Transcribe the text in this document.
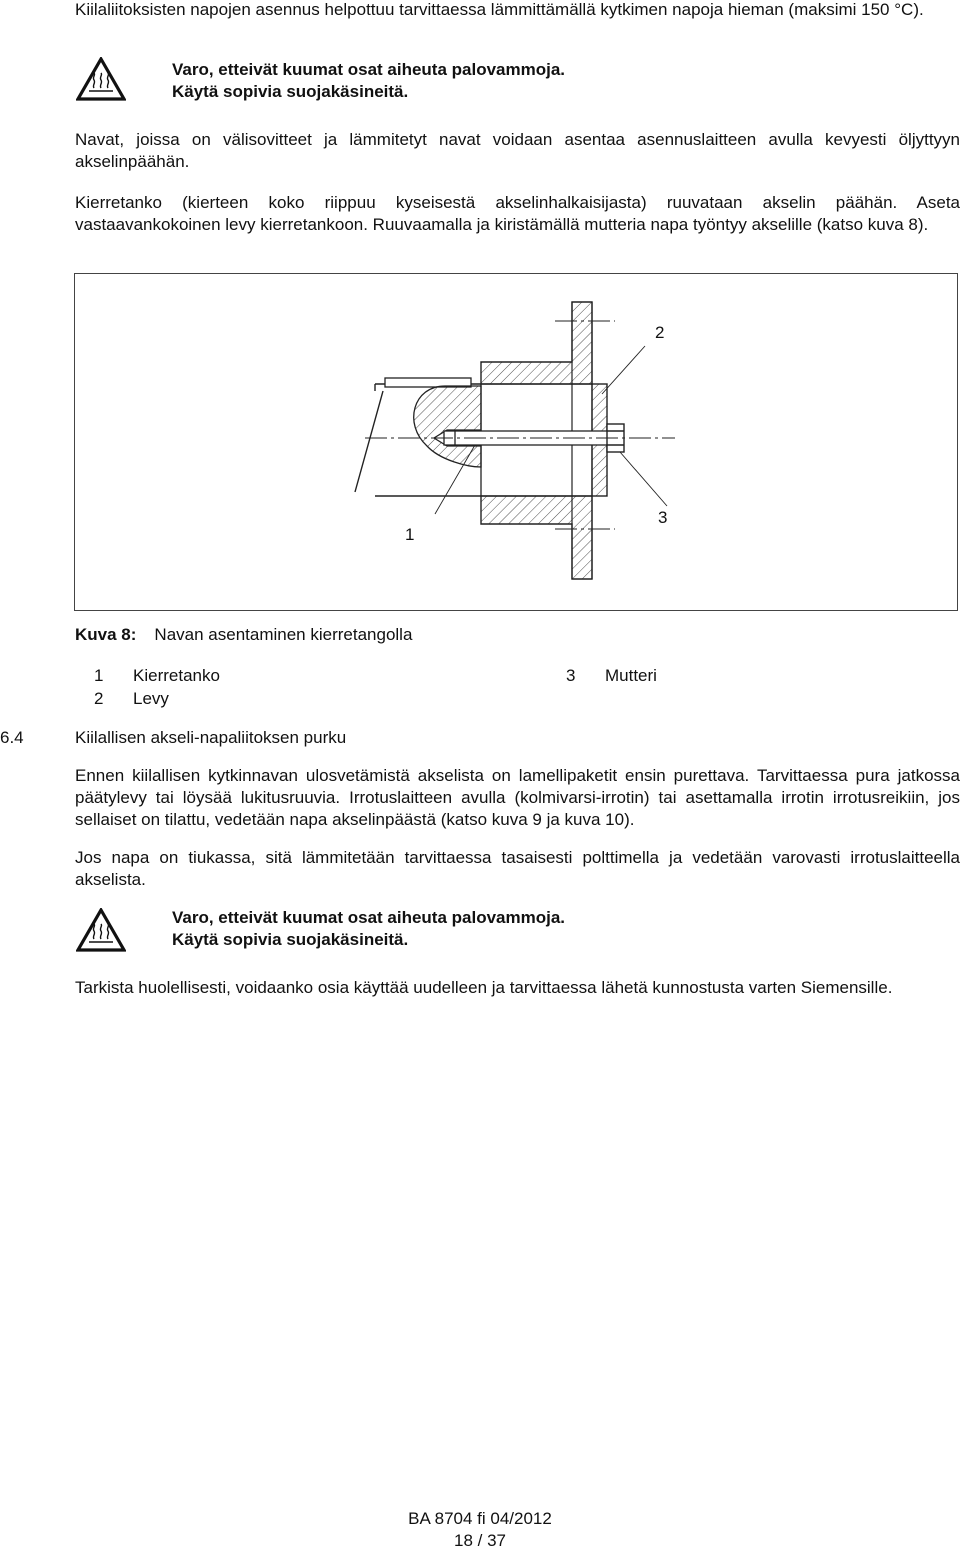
Kiilaliitoksisten napojen asennus helpottuu tarvittaessa lämmittämällä kytkimen napoja hieman (maksimi 150 °C).

Varo, etteivät kuumat osat aiheuta palovammoja.
Käytä sopivia suojakäsineitä.

Navat, joissa on välisovitteet ja lämmitetyt navat voidaan asentaa asennuslaitteen avulla kevyesti öljyttyyn akselinpäähän.

Kierretanko (kierteen koko riippuu kyseisestä akselinhalkaisijasta) ruuvataan akselin päähän. Aseta vastaavankokoinen levy kierretankoon. Ruuvaamalla ja kiristämällä mutteria napa työntyy akselille (katso kuva 8).

1
2
3
Kuva 8: Navan asentaminen kierretangolla
1 Kierretanko
2 Levy
3 Mutteri
6.4	Kiilallisen akseli-napaliitoksen purku

Ennen kiilallisen kytkinnavan ulosvetämistä akselista on lamellipaketit ensin purettava. Tarvittaessa pura jatkossa päätylevy tai löysää lukitusruuvia. Irrotuslaitteen avulla (kolmivarsi-irrotin) tai asettamalla irrotin irrotusreikiin, jos sellaiset on tilattu, vedetään napa akselinpäästä (katso kuva 9 ja kuva 10).

Jos napa on tiukassa, sitä lämmitetään tarvittaessa tasaisesti polttimella ja vedetään varovasti irrotuslaitteella akselista.

Varo, etteivät kuumat osat aiheuta palovammoja.
Käytä sopivia suojakäsineitä.

Tarkista huolellisesti, voidaanko osia käyttää uudelleen ja tarvittaessa lähetä kunnostusta varten Siemensille.

BA 8704 fi 04/2012
18 / 37
